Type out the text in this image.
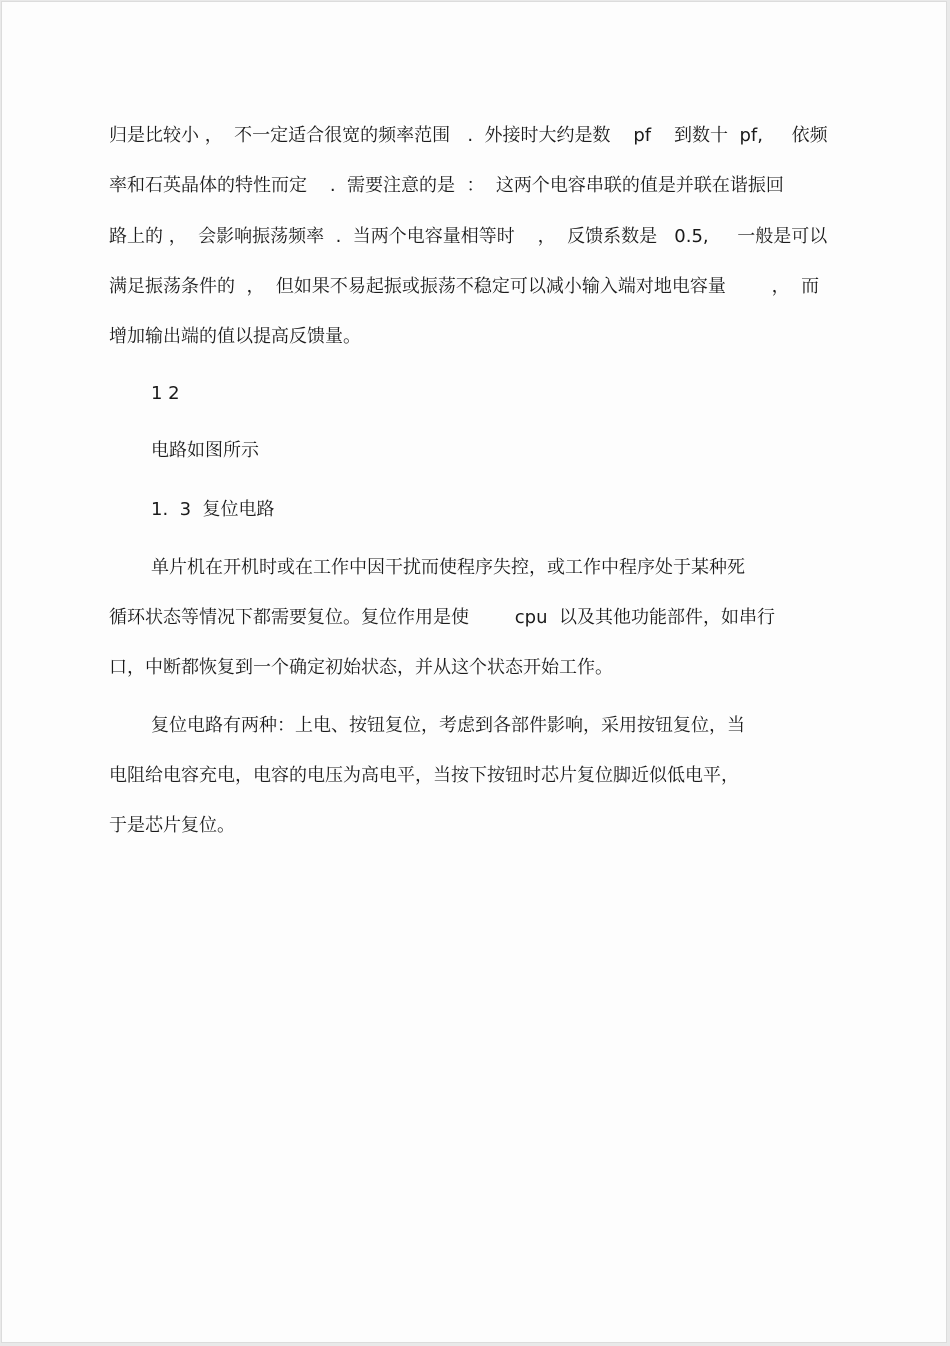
归是比较小 ，  不一定适合很宽的频率范围   .  外接时大约是数    pf    到数十  pf,     依频

率和石英晶体的特性而定    .  需要注意的是  ：  这两个电容串联的值是并联在谐振回

路上的 ，  会影响振荡频率  .  当两个电容量相等时    ，  反馈系数是   0.5,     一般是可以

满足振荡条件的  ，  但如果不易起振或振荡不稳定可以减小输入端对地电容量        ，  而

增加输出端的值以提高反馈量。

1 2

电路如图所示

1.  3  复位电路

单片机在开机时或在工作中因干扰而使程序失控，或工作中程序处于某种死

循环状态等情况下都需要复位。复位作用是使        cpu  以及其他功能部件，如串行

口，中断都恢复到一个确定初始状态，并从这个状态开始工作。

复位电路有两种：上电、按钮复位，考虑到各部件影响，采用按钮复位，当

电阻给电容充电，电容的电压为高电平，当按下按钮时芯片复位脚近似低电平，

于是芯片复位。
